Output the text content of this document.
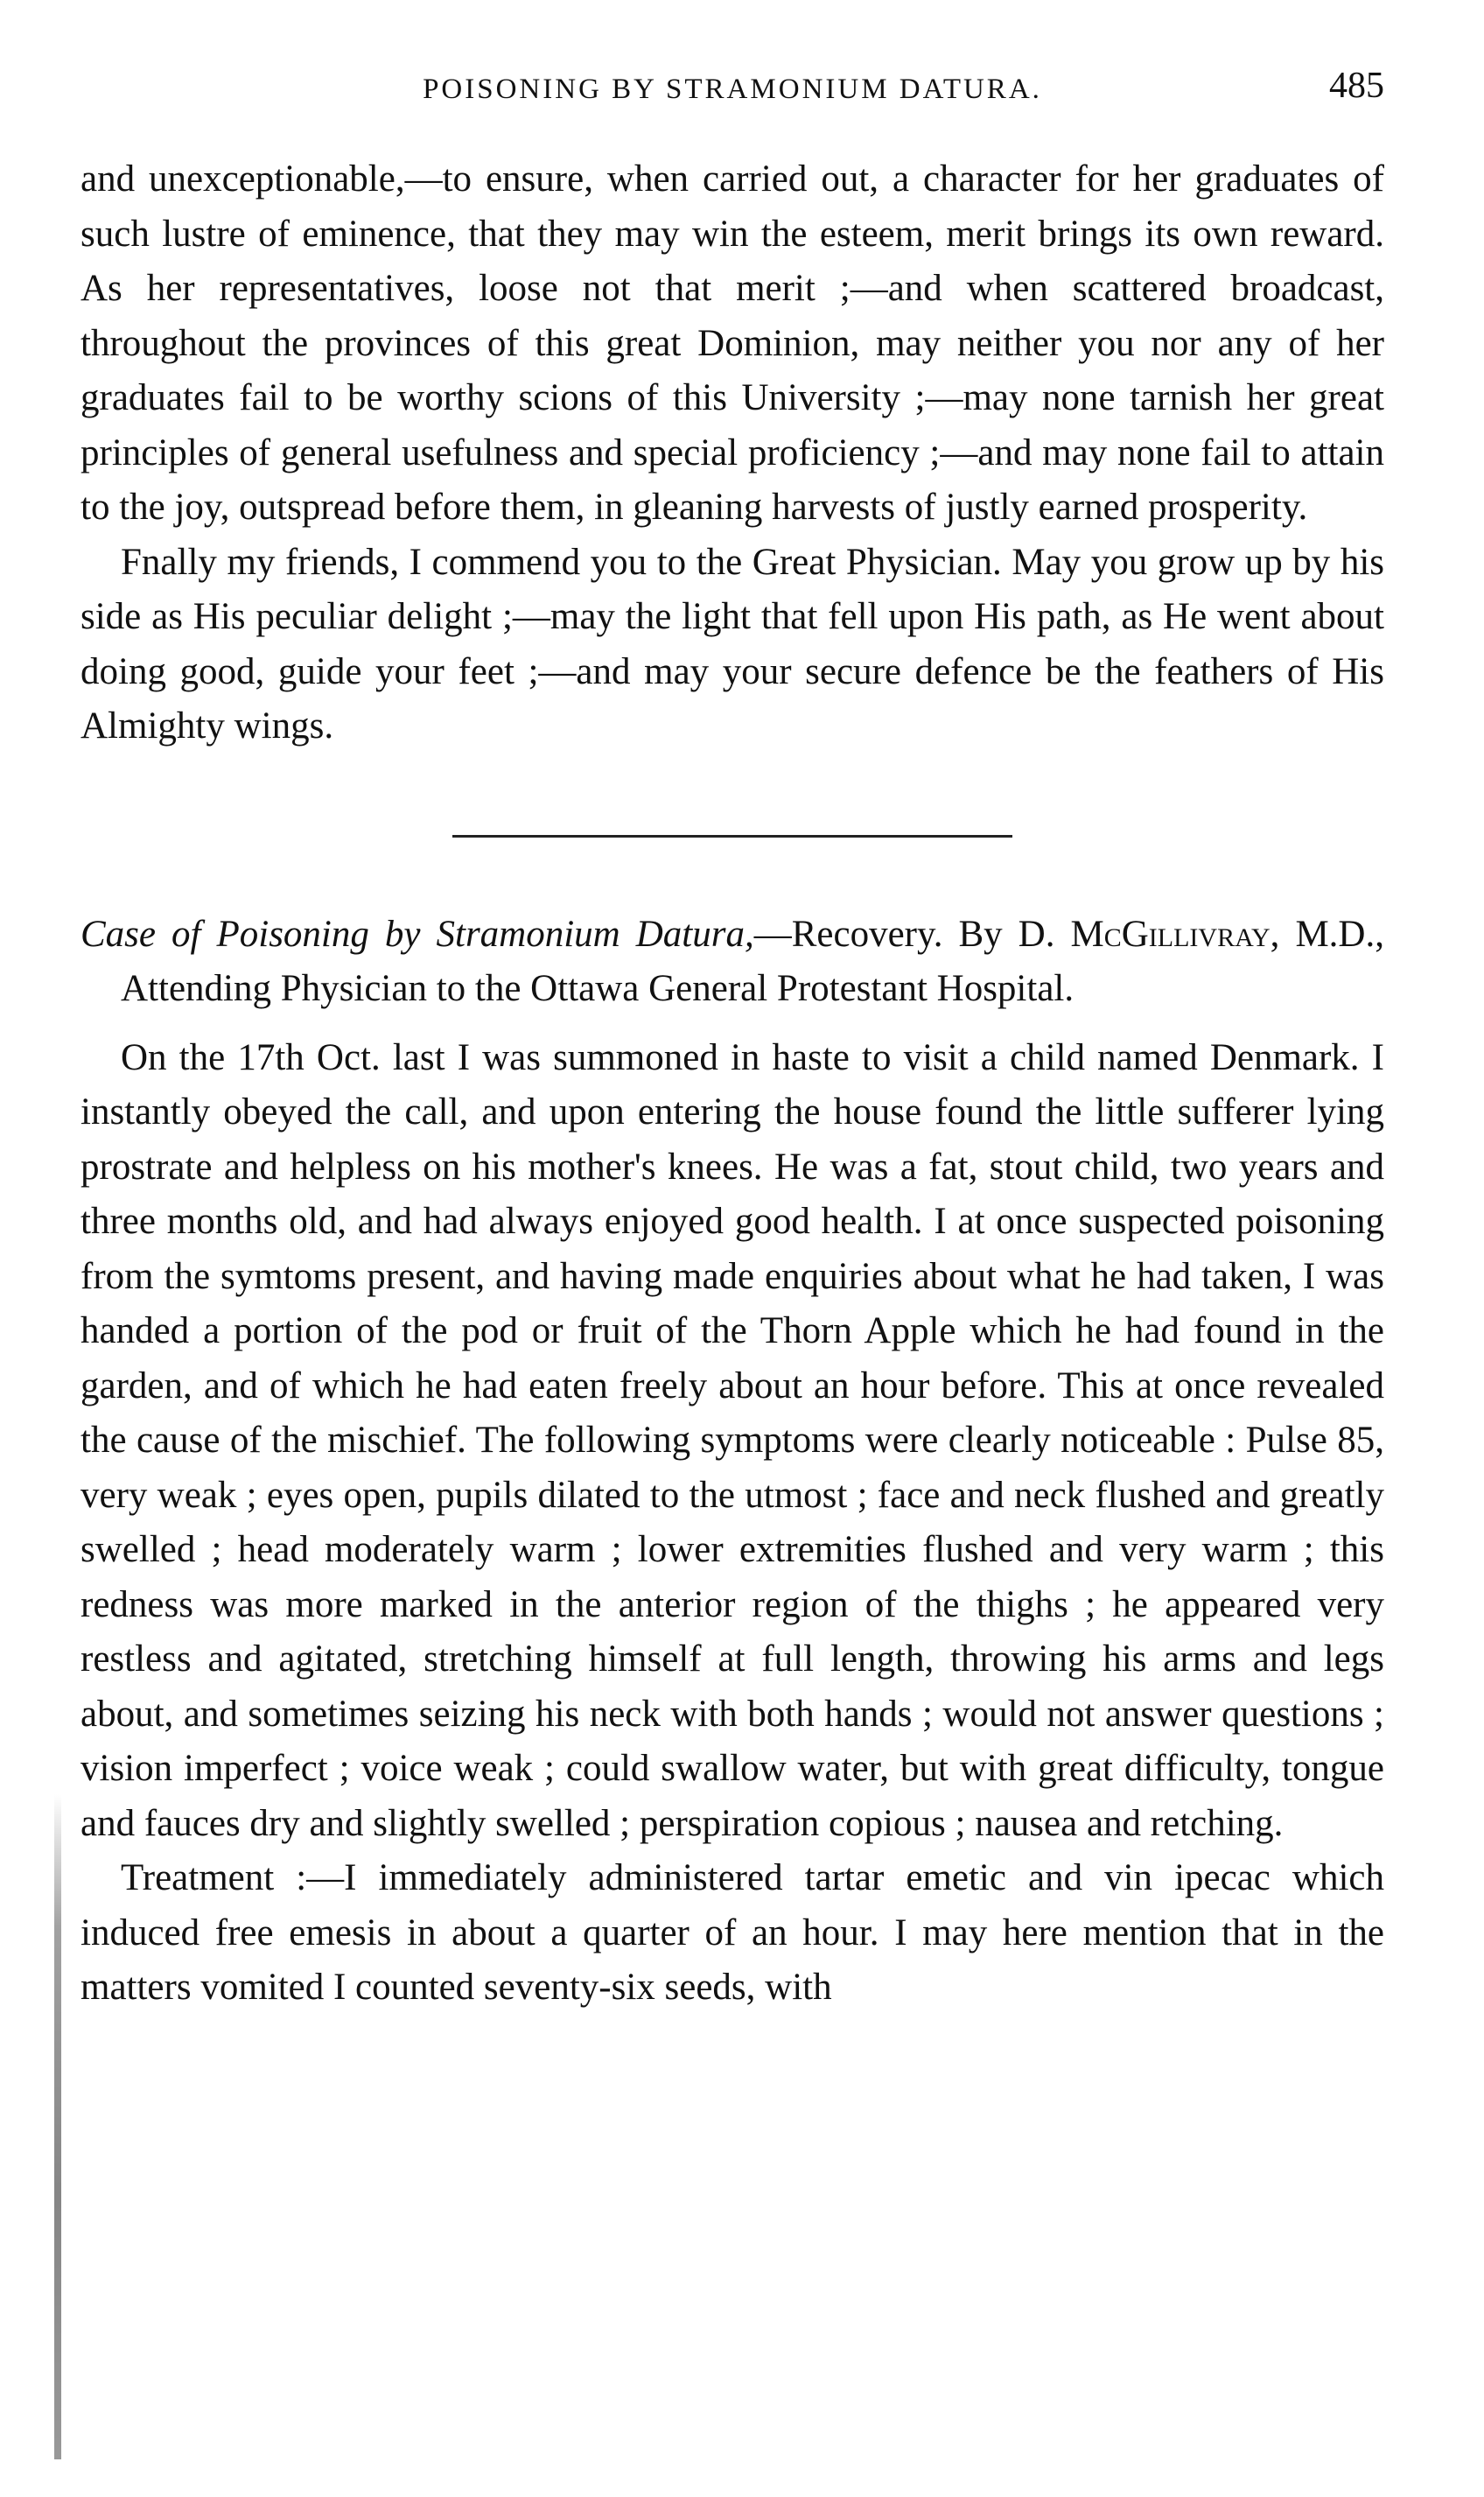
POISONING BY STRAMONIUM DATURA.	485

and unexceptionable,—to ensure, when carried out, a character for her graduates of such lustre of eminence, that they may win the esteem, merit brings its own reward. As her representatives, loose not that merit ;—and when scattered broadcast, throughout the provinces of this great Dominion, may neither you nor any of her graduates fail to be worthy scions of this University ;—may none tarnish her great principles of general usefulness and special proficiency ;—and may none fail to attain to the joy, outspread before them, in gleaning harvests of justly earned prosperity.

Fnally my friends, I commend you to the Great Physician. May you grow up by his side as His peculiar delight ;—may the light that fell upon His path, as He went about doing good, guide your feet ;—and may your secure defence be the feathers of His Almighty wings.

Case of Poisoning by Stramonium Datura,—Recovery. By D. McGillivray, M.D., Attending Physician to the Ottawa General Protestant Hospital.

On the 17th Oct. last I was summoned in haste to visit a child named Denmark. I instantly obeyed the call, and upon entering the house found the little sufferer lying prostrate and helpless on his mother's knees. He was a fat, stout child, two years and three months old, and had always enjoyed good health. I at once suspected poisoning from the symtoms present, and having made enquiries about what he had taken, I was handed a portion of the pod or fruit of the Thorn Apple which he had found in the garden, and of which he had eaten freely about an hour before. This at once revealed the cause of the mischief. The following symptoms were clearly noticeable : Pulse 85, very weak ; eyes open, pupils dilated to the utmost ; face and neck flushed and greatly swelled ; head moderately warm ; lower extremities flushed and very warm ; this redness was more marked in the anterior region of the thighs ; he appeared very restless and agitated, stretching himself at full length, throwing his arms and legs about, and sometimes seizing his neck with both hands ; would not answer questions ; vision imperfect ; voice weak ; could swallow water, but with great difficulty, tongue and fauces dry and slightly swelled ; perspiration copious ; nausea and retching.

Treatment :—I immediately administered tartar emetic and vin ipecac which induced free emesis in about a quarter of an hour. I may here mention that in the matters vomited I counted seventy-six seeds, with
